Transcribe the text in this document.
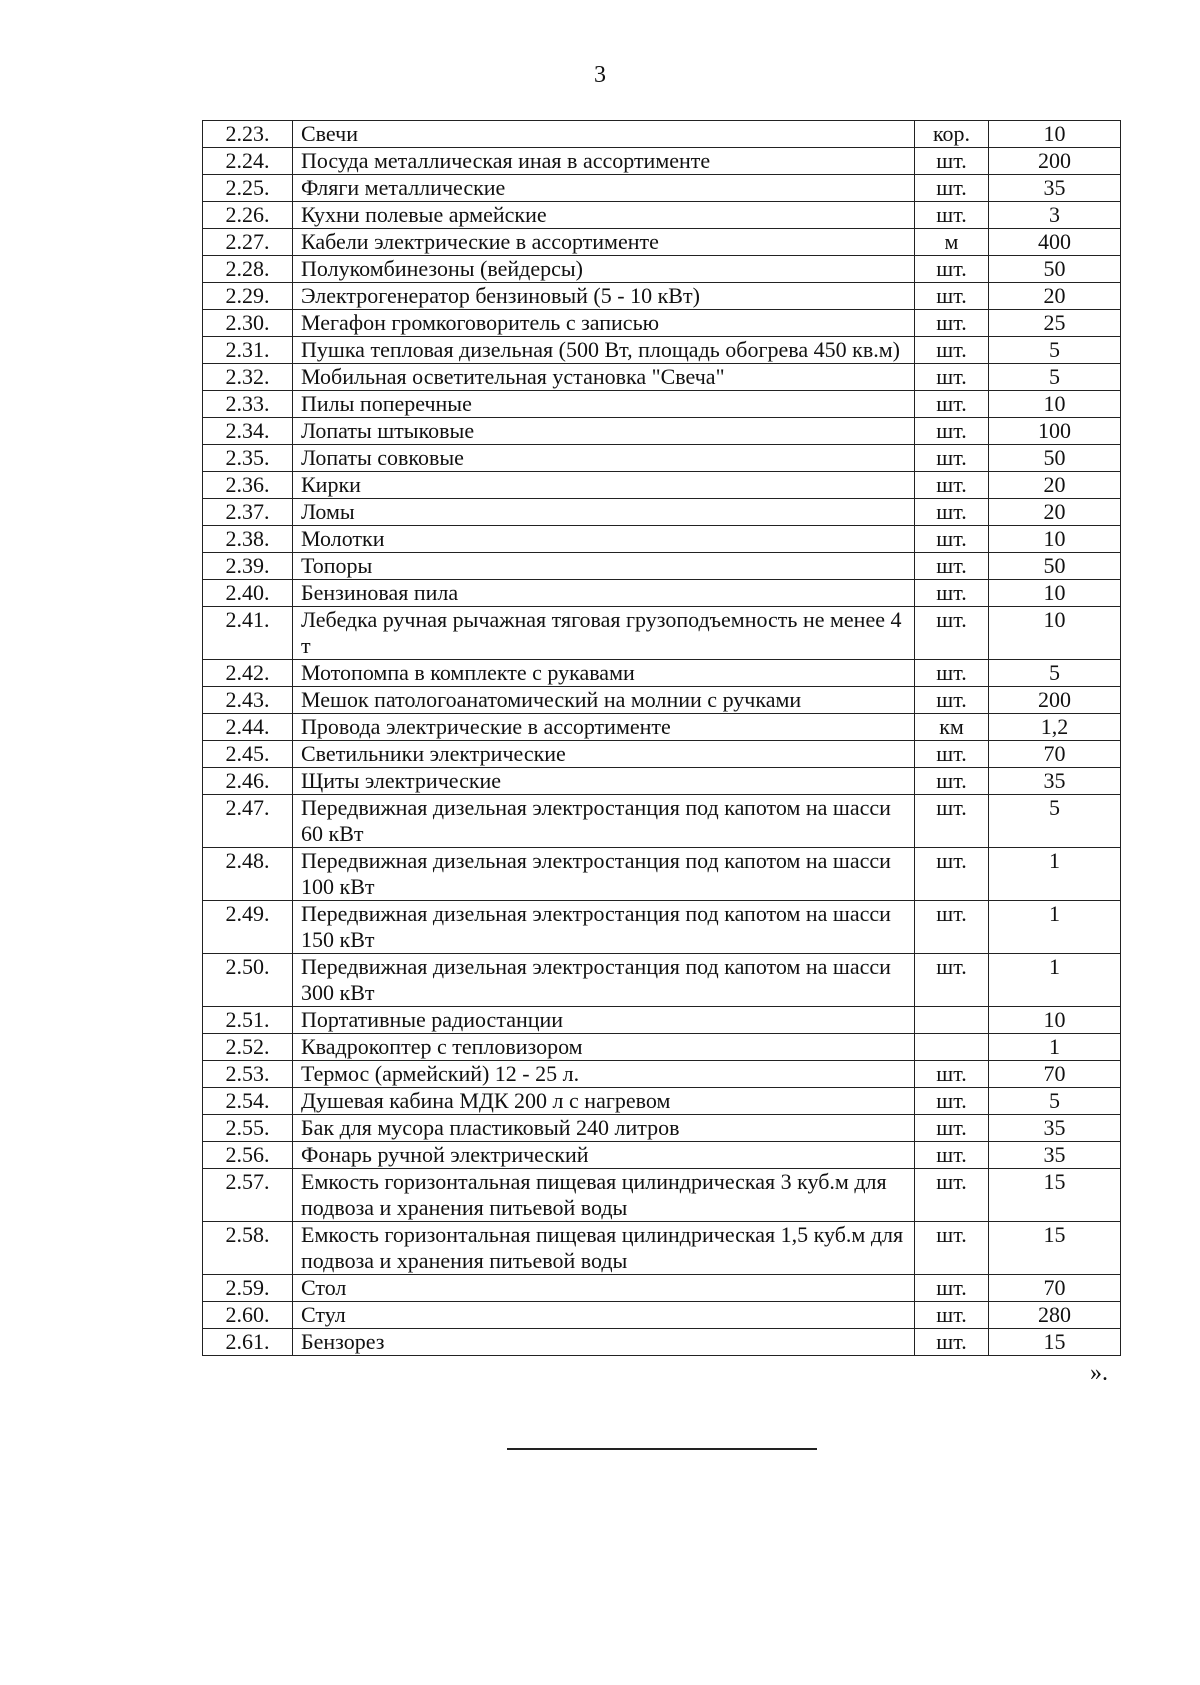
3
2.23.	Свечи	кор.	10
2.24.	Посуда металлическая иная в ассортименте	шт.	200
2.25.	Фляги металлические	шт.	35
2.26.	Кухни полевые армейские	шт.	3
2.27.	Кабели электрические в ассортименте	м	400
2.28.	Полукомбинезоны (вейдерсы)	шт.	50
2.29.	Электрогенератор бензиновый (5 - 10 кВт)	шт.	20
2.30.	Мегафон громкоговоритель с записью	шт.	25
2.31.	Пушка тепловая дизельная (500 Вт, площадь обогрева 450 кв.м)	шт.	5
2.32.	Мобильная осветительная установка "Свеча"	шт.	5
2.33.	Пилы поперечные	шт.	10
2.34.	Лопаты штыковые	шт.	100
2.35.	Лопаты совковые	шт.	50
2.36.	Кирки	шт.	20
2.37.	Ломы	шт.	20
2.38.	Молотки	шт.	10
2.39.	Топоры	шт.	50
2.40.	Бензиновая пила	шт.	10
2.41.	Лебедка ручная рычажная тяговая грузоподъемность не менее 4 т	шт.	10
2.42.	Мотопомпа в комплекте с рукавами	шт.	5
2.43.	Мешок патологоанатомический на молнии с ручками	шт.	200
2.44.	Провода электрические в ассортименте	км	1,2
2.45.	Светильники электрические	шт.	70
2.46.	Щиты электрические	шт.	35
2.47.	Передвижная дизельная электростанция под капотом на шасси 60 кВт	шт.	5
2.48.	Передвижная дизельная электростанция под капотом на шасси 100 кВт	шт.	1
2.49.	Передвижная дизельная электростанция под капотом на шасси 150 кВт	шт.	1
2.50.	Передвижная дизельная электростанция под капотом на шасси 300 кВт	шт.	1
2.51.	Портативные радиостанции		10
2.52.	Квадрокоптер с тепловизором		1
2.53.	Термос (армейский) 12 - 25 л.	шт.	70
2.54.	Душевая кабина МДК 200 л с нагревом	шт.	5
2.55.	Бак для мусора пластиковый 240 литров	шт.	35
2.56.	Фонарь ручной электрический	шт.	35
2.57.	Емкость горизонтальная пищевая цилиндрическая 3 куб.м для подвоза и хранения питьевой воды	шт.	15
2.58.	Емкость горизонтальная пищевая цилиндрическая 1,5 куб.м для подвоза и хранения питьевой воды	шт.	15
2.59.	Стол	шт.	70
2.60.	Стул	шт.	280
2.61.	Бензорез	шт.	15
».
